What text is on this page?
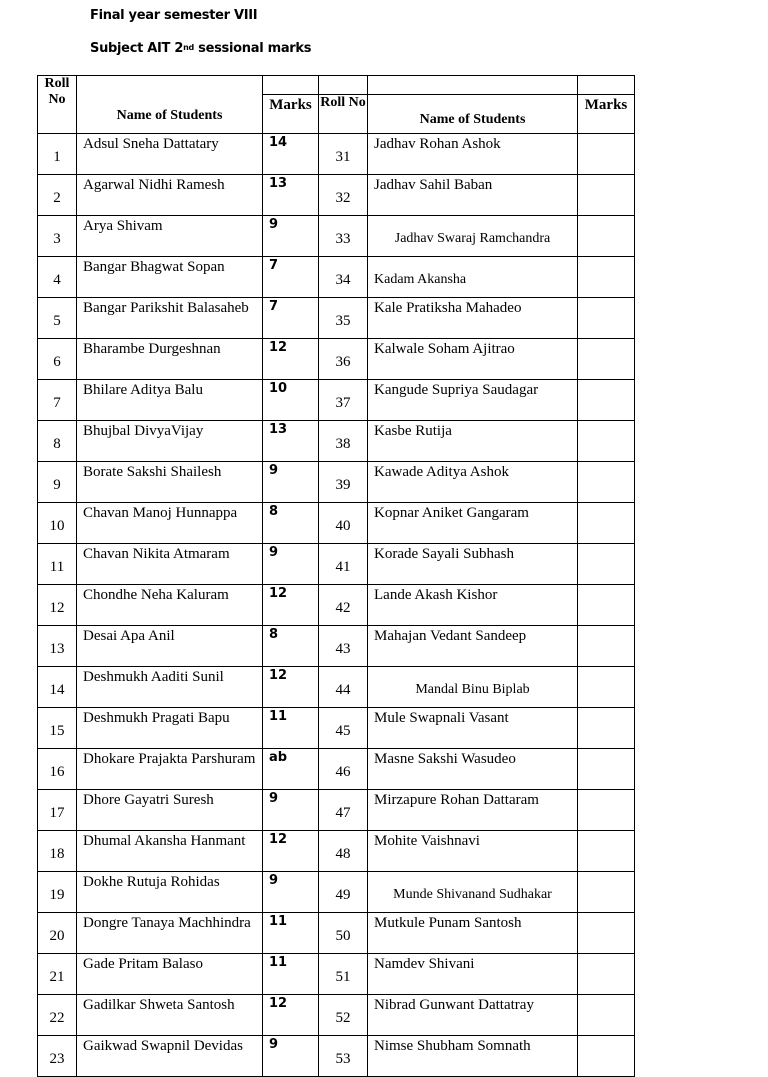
Final year semester VIII
Subject AIT 2nd sessional marks
Roll No	Name of Students				

		Marks	Roll No	Name of Students	Marks
1	Adsul Sneha Dattatary	14	31	Jadhav Rohan Ashok	
2	Agarwal Nidhi Ramesh	13	32	Jadhav Sahil Baban	
3	Arya Shivam	9	33	Jadhav Swaraj Ramchandra	
4	Bangar Bhagwat Sopan	7	34	Kadam Akansha	
5	Bangar Parikshit Balasaheb	7	35	Kale Pratiksha Mahadeo	
6	Bharambe Durgeshnan	12	36	Kalwale Soham Ajitrao	
7	Bhilare Aditya Balu	10	37	Kangude Supriya Saudagar	
8	Bhujbal DivyaVijay	13	38	Kasbe Rutija	
9	Borate Sakshi Shailesh	9	39	Kawade Aditya Ashok	
10	Chavan Manoj Hunnappa	8	40	Kopnar Aniket Gangaram	
11	Chavan Nikita Atmaram	9	41	Korade Sayali Subhash	
12	Chondhe Neha Kaluram	12	42	Lande Akash Kishor	
13	Desai Apa Anil	8	43	Mahajan Vedant Sandeep	
14	Deshmukh Aaditi Sunil	12	44	Mandal Binu Biplab	
15	Deshmukh Pragati Bapu	11	45	Mule Swapnali Vasant	
16	Dhokare Prajakta Parshuram	ab	46	Masne Sakshi Wasudeo	
17	Dhore Gayatri Suresh	9	47	Mirzapure Rohan Dattaram	
18	Dhumal Akansha Hanmant	12	48	Mohite Vaishnavi	
19	Dokhe Rutuja Rohidas	9	49	Munde Shivanand Sudhakar	
20	Dongre Tanaya Machhindra	11	50	Mutkule Punam Santosh	
21	Gade Pritam Balaso	11	51	Namdev Shivani	
22	Gadilkar Shweta Santosh	12	52	Nibrad Gunwant Dattatray	
23	Gaikwad Swapnil Devidas	9	53	Nimse Shubham Somnath	
